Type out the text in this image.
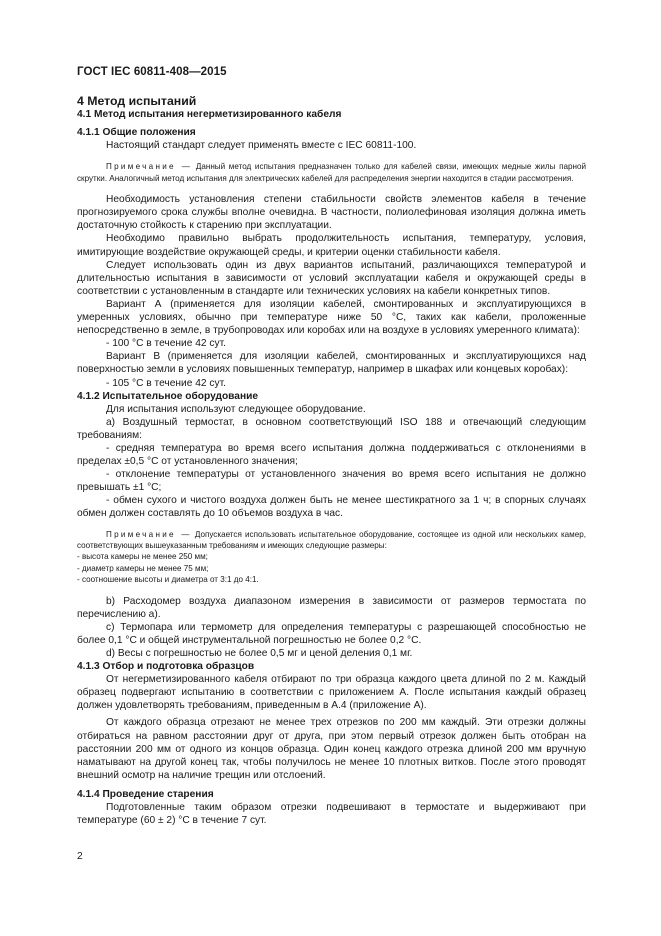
ГОСТ IEC 60811-408—2015

4 Метод испытаний

4.1 Метод испытания негерметизированного кабеля

4.1.1 Общие положения

Настоящий стандарт следует применять вместе с IEC 60811-100.

Примечание — Данный метод испытания предназначен только для кабелей связи, имеющих медные жилы парной скрутки. Аналогичный метод испытания для электрических кабелей для распределения энергии находится в стадии рассмотрения.

Необходимость установления степени стабильности свойств элементов кабеля в течение прогнозируемого срока службы вполне очевидна. В частности, полиолефиновая изоляция должна иметь достаточную стойкость к старению при эксплуатации.

Необходимо правильно выбрать продолжительность испытания, температуру, условия, имитирующие воздействие окружающей среды, и критерии оценки стабильности кабеля.

Следует использовать один из двух вариантов испытаний, различающихся температурой и длительностью испытания в зависимости от условий эксплуатации кабеля и окружающей среды в соответствии с установленным в стандарте или технических условиях на кабели конкретных типов.

Вариант А (применяется для изоляции кабелей, смонтированных и эксплуатирующихся в умеренных условиях, обычно при температуре ниже 50 °С, таких как кабели, проложенные непосредственно в земле, в трубопроводах или коробах или на воздухе в условиях умеренного климата):

- 100 °С в течение 42 сут.

Вариант В (применяется для изоляции кабелей, смонтированных и эксплуатирующихся над поверхностью земли в условиях повышенных температур, например в шкафах или концевых коробах):

- 105 °С в течение 42 сут.

4.1.2 Испытательное оборудование

Для испытания используют следующее оборудование.

а) Воздушный термостат, в основном соответствующий ISO 188 и отвечающий следующим требованиям:

- средняя температура во время всего испытания должна поддерживаться с отклонениями в пределах ±0,5 °С от установленного значения;

- отклонение температуры от установленного значения во время всего испытания не должно превышать ±1 °С;

- обмен сухого и чистого воздуха должен быть не менее шестикратного за 1 ч; в спорных случаях обмен должен составлять до 10 объемов воздуха в час.

Примечание — Допускается использовать испытательное оборудование, состоящее из одной или нескольких камер, соответствующих вышеуказанным требованиям и имеющих следующие размеры:

- высота камеры не менее 250 мм;

- диаметр камеры не менее 75 мм;

- соотношение высоты и диаметра от 3:1 до 4:1.

b) Расходомер воздуха диапазоном измерения в зависимости от размеров термостата по перечислению а).

c) Термопара или термометр для определения температуры с разрешающей способностью не более 0,1 °С и общей инструментальной погрешностью не более 0,2 °С.

d) Весы с погрешностью не более 0,5 мг и ценой деления 0,1 мг.

4.1.3 Отбор и подготовка образцов

От негерметизированного кабеля отбирают по три образца каждого цвета длиной по 2 м. Каждый образец подвергают испытанию в соответствии с приложением А. После испытания каждый образец должен удовлетворять требованиям, приведенным в А.4 (приложение А).

От каждого образца отрезают не менее трех отрезков по 200 мм каждый. Эти отрезки должны отбираться на равном расстоянии друг от друга, при этом первый отрезок должен быть отобран на расстоянии 200 мм от одного из концов образца. Один конец каждого отрезка длиной 200 мм вручную наматывают на другой конец так, чтобы получилось не менее 10 плотных витков. После этого проводят внешний осмотр на наличие трещин или отслоений.

4.1.4 Проведение старения

Подготовленные таким образом отрезки подвешивают в термостате и выдерживают при температуре (60 ± 2) °С в течение 7 сут.

2
